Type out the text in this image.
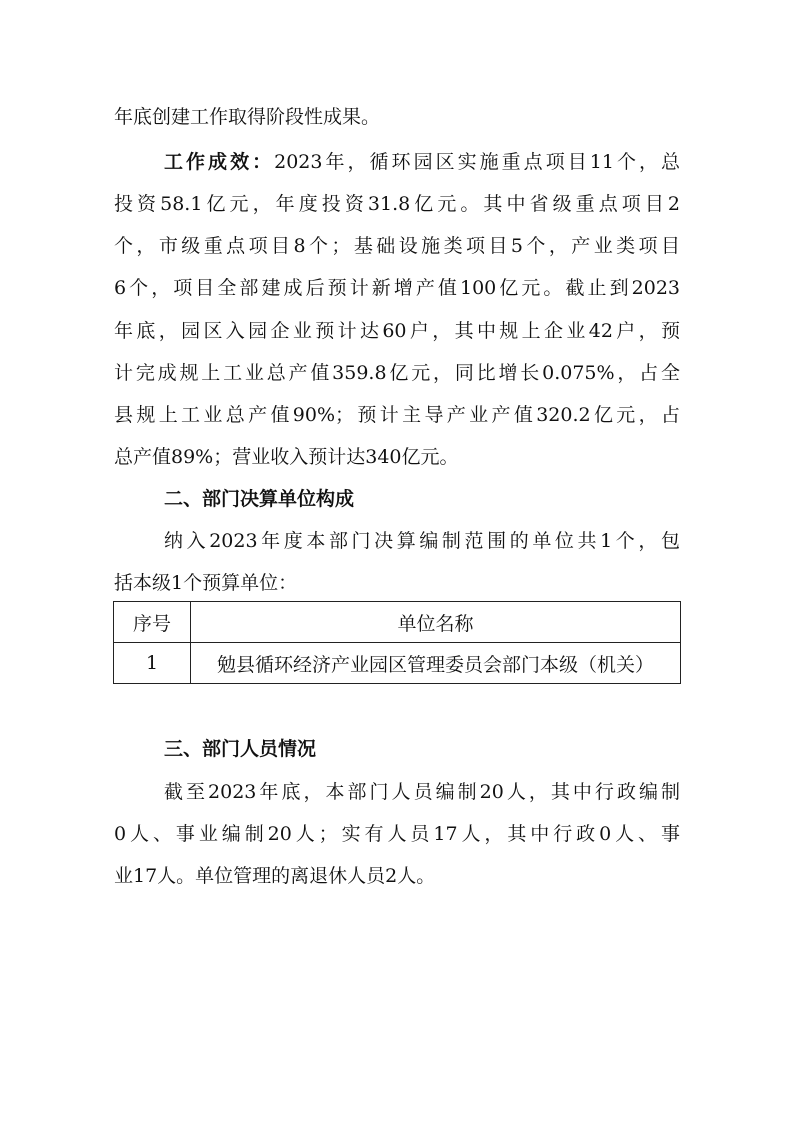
年底创建工作取得阶段性成果。
工作成效：2023年，循环园区实施重点项目11个，总
投资58.1亿元，年度投资31.8亿元。其中省级重点项目2
个，市级重点项目8个；基础设施类项目5个，产业类项目
6个，项目全部建成后预计新增产值100亿元。截止到2023
年底，园区入园企业预计达60户，其中规上企业42户，预
计完成规上工业总产值359.8亿元，同比增长0.075%，占全
县规上工业总产值90%；预计主导产业产值320.2亿元，占
总产值89%；营业收入预计达340亿元。
二、部门决算单位构成
纳入2023年度本部门决算编制范围的单位共1个，包
括本级1个预算单位：
序号	单位名称
1	勉县循环经济产业园区管理委员会部门本级（机关）
三、部门人员情况
截至2023年底，本部门人员编制20人，其中行政编制
0人、事业编制20人；实有人员17人，其中行政0人、事
业17人。单位管理的离退休人员2人。
